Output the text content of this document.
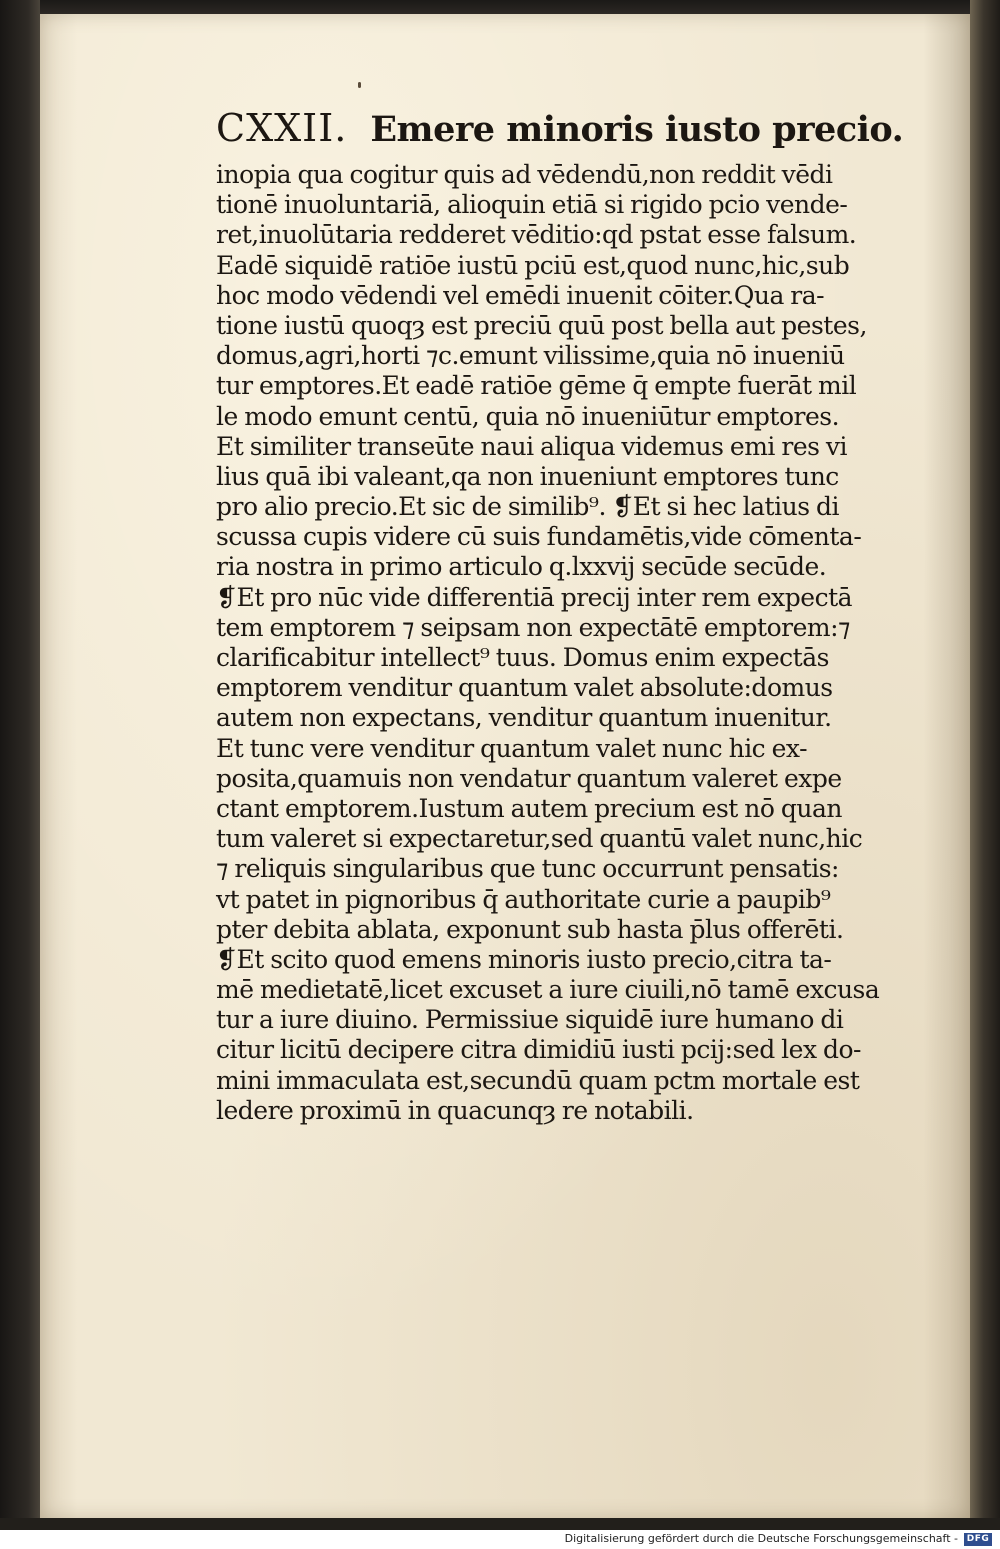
CXXII. Emere minoris iusto precio.
inopia qua cogitur quis ad vēdendū,non reddit vēdi
tionē inuoluntariā, alioquin etiā si rigido pcio vende-
ret,inuolūtaria redderet vēditio:qd pstat esse falsum.
Eadē siquidē ratiōe iustū pciū est,quod nunc,hic,sub
hoc modo vēdendi vel emēdi inuenit cōiter.Qua ra-
tione iustū quoqȝ est preciū quū post bella aut pestes,
domus,agri,horti ⁊c.emunt vilissime,quia nō inueniū
tur emptores.Et eadē ratiōe gēme q̄ empte fuerāt mil
le modo emunt centū, quia nō inueniūtur emptores.
Et similiter transeūte naui aliqua videmus emi res vi
lius quā ibi valeant,qa non inueniunt emptores tunc
pro alio precio.Et sic de similib⁹. ❡Et si hec latius di
scussa cupis videre cū suis fundamētis,vide cōmenta-
ria nostra in primo articulo q.lxxvij secūde secūde.
❡Et pro nūc vide differentiā precij inter rem expectā
tem emptorem ⁊ seipsam non expectātē emptorem:⁊
clarificabitur intellect⁹ tuus. Domus enim expectās
emptorem venditur quantum valet absolute:domus
autem non expectans, venditur quantum inuenitur.
Et tunc vere venditur quantum valet nunc hic ex-
posita,quamuis non vendatur quantum valeret expe
ctant emptorem.Iustum autem precium est nō quan
tum valeret si expectaretur,sed quantū valet nunc,hic
⁊ reliquis singularibus que tunc occurrunt pensatis:
vt patet in pignoribus q̄ authoritate curie a paupib⁹
pter debita ablata, exponunt sub hasta p̄lus offerēti.
❡Et scito quod emens minoris iusto precio,citra ta-
mē medietatē,licet excuset a iure ciuili,nō tamē excusa
tur a iure diuino. Permissiue siquidē iure humano di
citur licitū decipere citra dimidiū iusti pcij:sed lex do-
mini immaculata est,secundū quam pctm mortale est
ledere proximū in quacunqȝ re notabili.
Digitalisierung gefördert durch die Deutsche Forschungsgemeinschaft - DFG
